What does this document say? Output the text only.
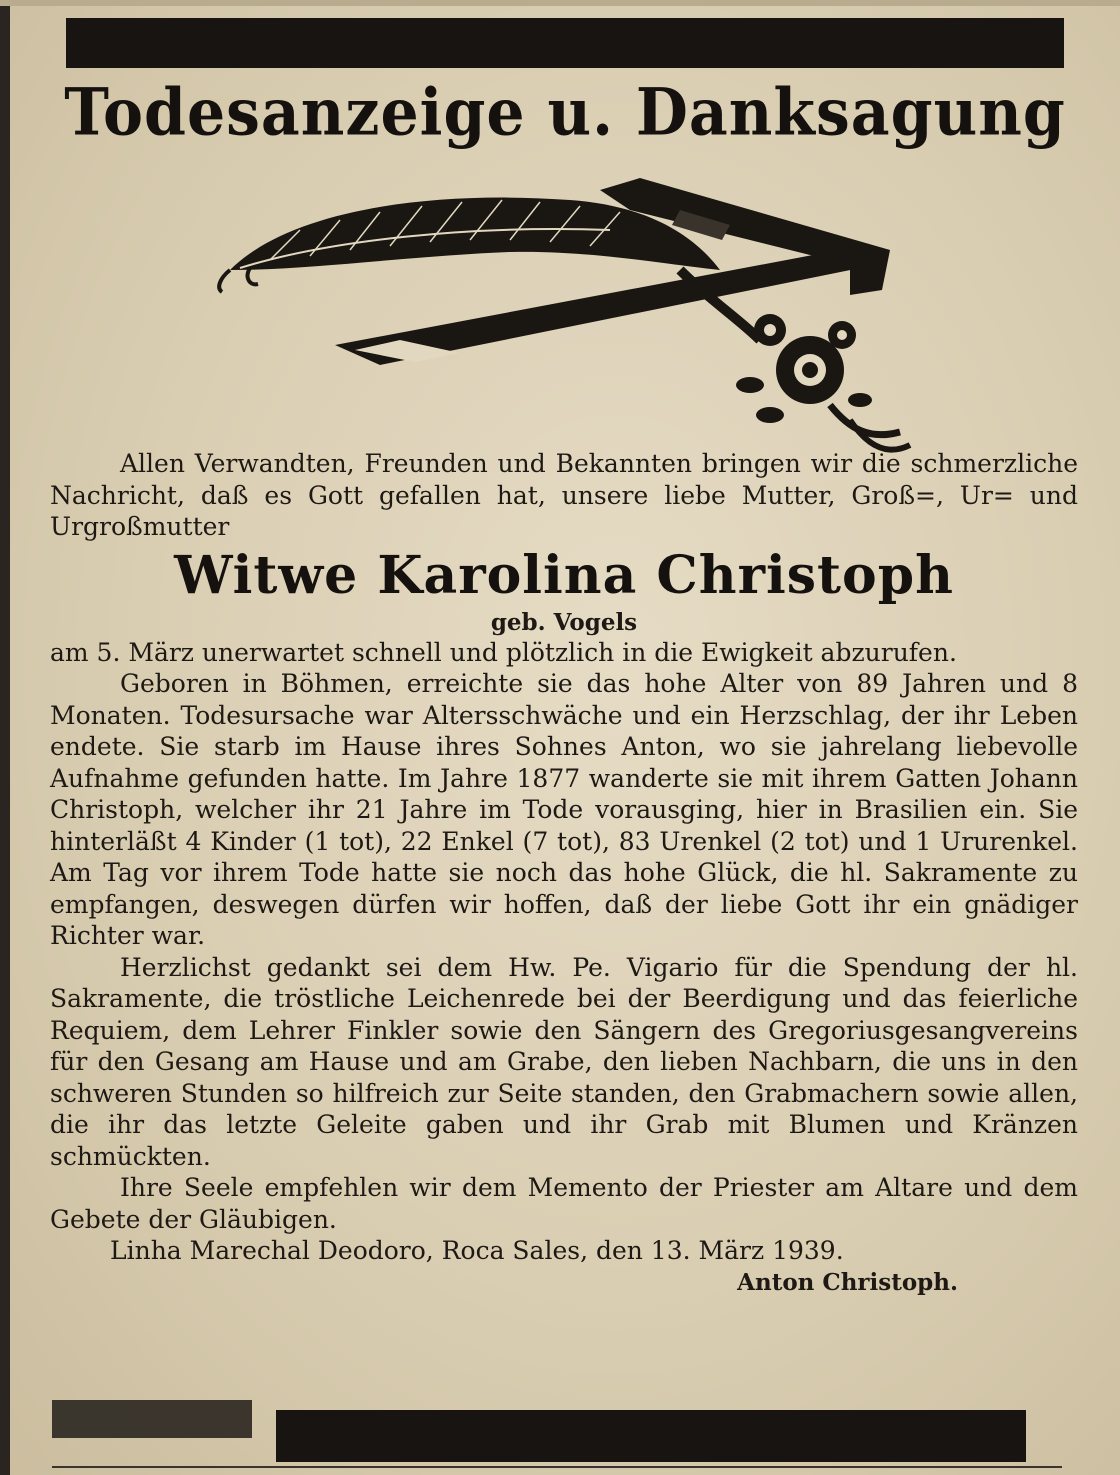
Todesanzeige u. Danksagung

Allen Verwandten, Freunden und Bekannten bringen wir die schmerzliche Nachricht, daß es Gott gefallen hat, unsere liebe Mutter, Groß=, Ur= und Urgroßmutter

Witwe Karolina Christoph

geb. Vogels

am 5. März unerwartet schnell und plötzlich in die Ewigkeit abzurufen.

Geboren in Böhmen, erreichte sie das hohe Alter von 89 Jahren und 8 Monaten. Todesursache war Altersschwäche und ein Herzschlag, der ihr Leben endete. Sie starb im Hause ihres Sohnes Anton, wo sie jahrelang liebevolle Aufnahme gefunden hatte. Im Jahre 1877 wanderte sie mit ihrem Gatten Johann Christoph, welcher ihr 21 Jahre im Tode vorausging, hier in Brasilien ein. Sie hinterläßt 4 Kinder (1 tot), 22 Enkel (7 tot), 83 Urenkel (2 tot) und 1 Ururenkel. Am Tag vor ihrem Tode hatte sie noch das hohe Glück, die hl. Sakramente zu empfangen, deswegen dürfen wir hoffen, daß der liebe Gott ihr ein gnädiger Richter war.

Herzlichst gedankt sei dem Hw. Pe. Vigario für die Spendung der hl. Sakramente, die tröstliche Leichenrede bei der Beerdigung und das feierliche Requiem, dem Lehrer Finkler sowie den Sängern des Gregoriusgesangvereins für den Gesang am Hause und am Grabe, den lieben Nachbarn, die uns in den schweren Stunden so hilfreich zur Seite standen, den Grabmachern sowie allen, die ihr das letzte Geleite gaben und ihr Grab mit Blumen und Kränzen schmückten.

Ihre Seele empfehlen wir dem Memento der Priester am Altare und dem Gebete der Gläubigen.

Linha Marechal Deodoro, Roca Sales, den 13. März 1939.

Anton Christoph.
